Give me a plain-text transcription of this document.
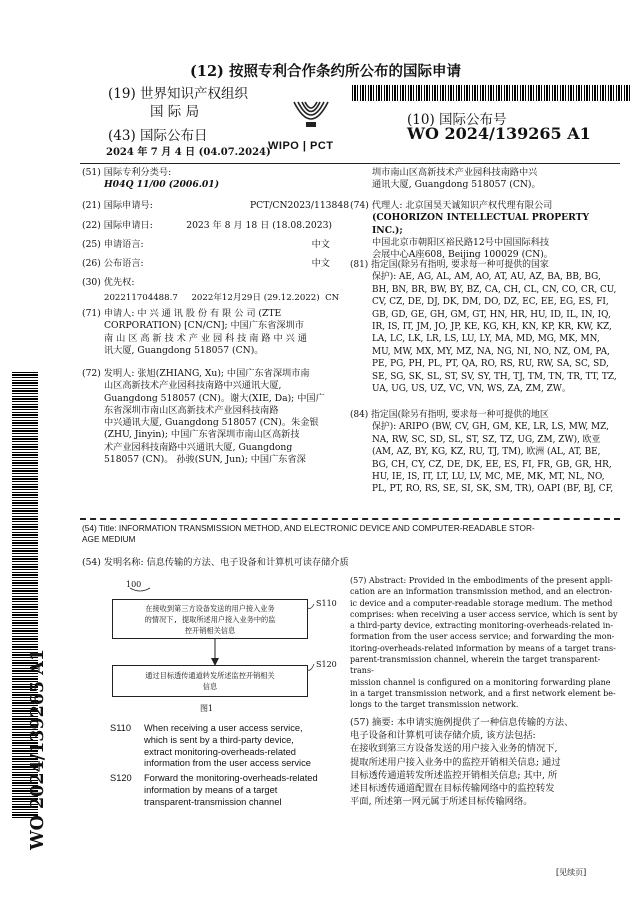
(12) 按照专利合作条约所公布的国际申请
(19) 世界知识产权组织
国 际 局
(43) 国际公布日
2024 年 7 月 4 日 (04.07.2024)
WIPO | PCT
(10) 国际公布号
WO 2024/139265 A1
(51) 国际专利分类号:
H04Q 11/00 (2006.01)
(21) 国际申请号:	PCT/CN2023/113848
(22) 国际申请日:	2023 年 8 月 18 日 (18.08.2023)
(25) 申请语言:	中文
(26) 公布语言:	中文
(30) 优先权:
202211704488.7     2022年12月29日 (29.12.2022)  CN
(71) 申请人: 中 兴 通 讯 股 份 有 限 公 司 (ZTE
CORPORATION) [CN/CN]; 中国广东省深圳市
南 山 区 高 新 技 术 产 业 园 科 技 南 路 中 兴 通
讯大厦, Guangdong 518057 (CN)。
(72) 发明人: 张旭(ZHIANG, Xu); 中国广东省深圳市南
山区高新技术产业园科技南路中兴通讯大厦,
Guangdong 518057 (CN)。谢大(XIE, Da); 中国广
东省深圳市南山区高新技术产业园科技南路
中兴通讯大厦, Guangdong 518057 (CN)。朱金银
(ZHU, Jinyin); 中国广东省深圳市南山区高新技
术产业园科技南路中兴通讯大厦, Guangdong
518057 (CN)。 孙骏(SUN, Jun); 中国广东省深
圳市南山区高新技术产业园科技南路中兴
通讯大厦, Guangdong 518057 (CN)。
(74) 代理人: 北京国昊天诚知识产权代理有限公司
(COHORIZON INTELLECTUAL PROPERTY INC.);
中国北京市朝阳区裕民路12号中国国际科技
会展中心A座608, Beijing 100029 (CN)。
(81) 指定国(除另有指明, 要求每一种可提供的国家
保护): AE, AG, AL, AM, AO, AT, AU, AZ, BA, BB, BG,
BH, BN, BR, BW, BY, BZ, CA, CH, CL, CN, CO, CR, CU,
CV, CZ, DE, DJ, DK, DM, DO, DZ, EC, EE, EG, ES, FI,
GB, GD, GE, GH, GM, GT, HN, HR, HU, ID, IL, IN, IQ,
IR, IS, IT, JM, JO, JP, KE, KG, KH, KN, KP, KR, KW, KZ,
LA, LC, LK, LR, LS, LU, LY, MA, MD, MG, MK, MN,
MU, MW, MX, MY, MZ, NA, NG, NI, NO, NZ, OM, PA,
PE, PG, PH, PL, PT, QA, RO, RS, RU, RW, SA, SC, SD,
SE, SG, SK, SL, ST, SV, SY, TH, TJ, TM, TN, TR, TT, TZ,
UA, UG, US, UZ, VC, VN, WS, ZA, ZM, ZW。
(84) 指定国(除另有指明, 要求每一种可提供的地区
保护): ARIPO (BW, CV, GH, GM, KE, LR, LS, MW, MZ,
NA, RW, SC, SD, SL, ST, SZ, TZ, UG, ZM, ZW), 欧亚
(AM, AZ, BY, KG, KZ, RU, TJ, TM), 欧洲 (AL, AT, BE,
BG, CH, CY, CZ, DE, DK, EE, ES, FI, FR, GB, GR, HR,
HU, IE, IS, IT, LT, LU, LV, MC, ME, MK, MT, NL, NO,
PL, PT, RO, RS, SE, SI, SK, SM, TR), OAPI (BF, BJ, CF,
(54) Title: INFORMATION TRANSMISSION METHOD, AND ELECTRONIC DEVICE AND COMPUTER-READABLE STOR-
AGE MEDIUM
(54) 发明名称: 信息传输的方法、电子设备和计算机可读存储介质
100
在接收到第三方设备发送的用户接入业务
的情况下, 提取所述用户接入业务中的监
控开销相关信息
S110
通过目标透传通道转发所述监控开销相关
信息
S120
图1
S110 When receiving a user access service,
which is sent by a third-party device,
extract monitoring-overheads-related
information from the user access service
S120 Forward the monitoring-overheads-related
information by means of a target
transparent-transmission channel
(57) Abstract: Provided in the embodiments of the present appli-
cation are an information transmission method, and an electron-
ic device and a computer-readable storage medium. The method
comprises: when receiving a user access service, which is sent by
a third-party device, extracting monitoring-overheads-related in-
formation from the user access service; and forwarding the mon-
itoring-overheads-related information by means of a target trans-
parent-transmission channel, wherein the target transparent-trans-
mission channel is configured on a monitoring forwarding plane
in a target transmission network, and a first network element be-
longs to the target transmission network.
(57) 摘要: 本申请实施例提供了一种信息传输的方法、
电子设备和计算机可读存储介质, 该方法包括:
在接收到第三方设备发送的用户接入业务的情况下,
提取所述用户接入业务中的监控开销相关信息; 通过
目标透传通道转发所述监控开销相关信息; 其中, 所
述目标透传通道配置在目标传输网络中的监控转发
平面, 所述第一网元属于所述目标传输网络。
WO 2024/139265 A1
[见续页]
